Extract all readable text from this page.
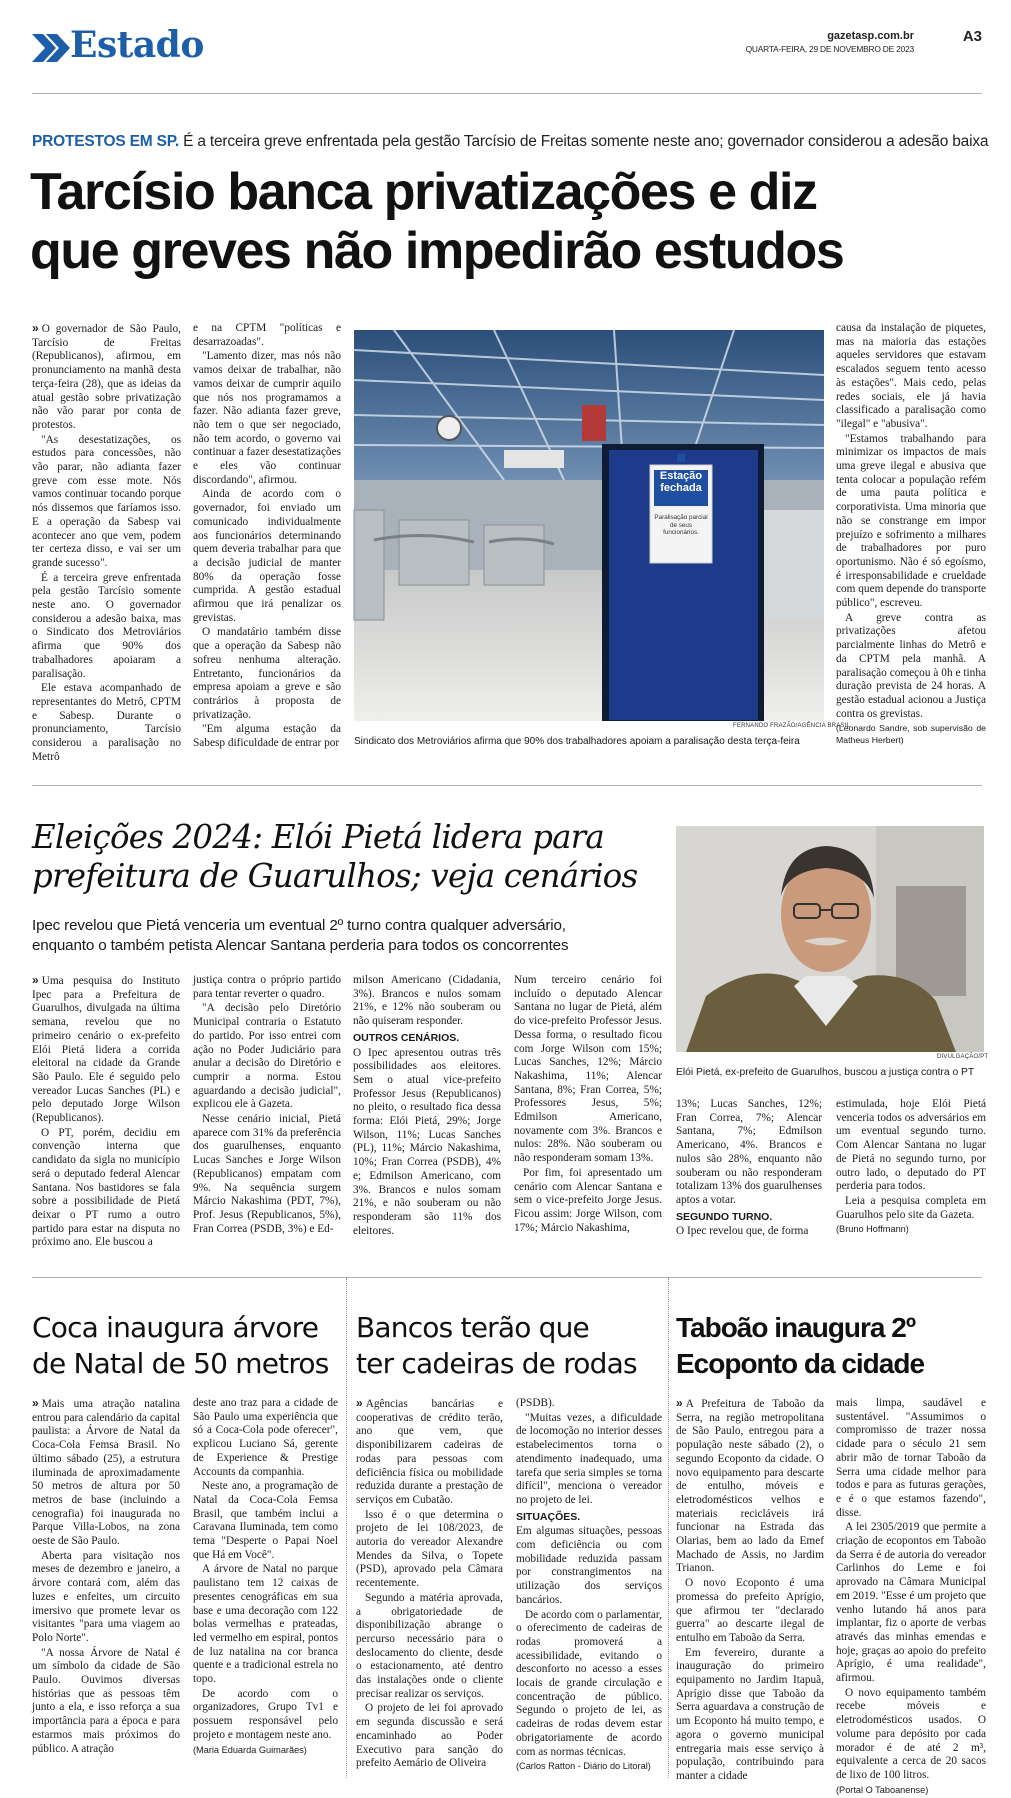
Estado	gazetasp.com.br
QUARTA-FEIRA, 29 DE NOVEMBRO DE 2023
A3
PROTESTOS EM SP. É a terceira greve enfrentada pela gestão Tarcísio de Freitas somente neste ano; governador considerou a adesão baixa
Tarcísio banca privatizações e diz
que greves não impedirão estudos

» O governador de São Paulo, Tarcísio de Freitas (Republicanos), afirmou, em pronunciamento na manhã desta terça-feira (28), que as ideias da atual gestão sobre privatização não vão parar por conta de protestos.

"As desestatizações, os estudos para concessões, não vão parar, não adianta fazer greve com esse mote. Nós vamos continuar tocando porque nós dissemos que faríamos isso. E a operação da Sabesp vai acontecer ano que vem, podem ter certeza disso, e vai ser um grande sucesso".

É a terceira greve enfrentada pela gestão Tarcísio somente neste ano. O governador considerou a adesão baixa, mas o Sindicato dos Metroviários afirma que 90% dos trabalhadores apoiaram a paralisação.

Ele estava acompanhado de representantes do Metrô, CPTM e Sabesp. Durante o pronunciamento, Tarcísio considerou a paralisação no Metrô

e na CPTM "políticas e desarrazoadas".

"Lamento dizer, mas nós não vamos deixar de trabalhar, não vamos deixar de cumprir aquilo que nós nos programamos a fazer. Não adianta fazer greve, não tem o que ser negociado, não tem acordo, o governo vai continuar a fazer desestatizações e eles vão continuar discordando", afirmou.

Ainda de acordo com o governador, foi enviado um comunicado individualmente aos funcionários determinando quem deveria trabalhar para que a decisão judicial de manter 80% da operação fosse cumprida. A gestão estadual afirmou que irá penalizar os grevistas.

O mandatário também disse que a operação da Sabesp não sofreu nenhuma alteração. Entretanto, funcionários da empresa apoiam a greve e são contrários à proposta de privatização.

"Em alguma estação da Sabesp dificuldade de entrar por

Estação fechada
Paralisação parcial de seus funcionários.
FERNANDO FRAZÃO/AGÊNCIA BRASIL
Sindicato dos Metroviários afirma que 90% dos trabalhadores apoiam a paralisação desta terça-feira

causa da instalação de piquetes, mas na maioria das estações aqueles servidores que estavam escalados seguem tento acesso às estações". Mais cedo, pelas redes sociais, ele já havia classificado a paralisação como "ilegal" e "abusiva".

"Estamos trabalhando para minimizar os impactos de mais uma greve ilegal e abusiva que tenta colocar a população refém de uma pauta política e corporativista. Uma minoria que não se constrange em impor prejuízo e sofrimento a milhares de trabalhadores por puro oportunismo. Não é só egoísmo, é irresponsabilidade e crueldade com quem depende do transporte público", escreveu.

A greve contra as privatizações afetou parcialmente linhas do Metrô e da CPTM pela manhã. A paralisação começou à 0h e tinha duração prevista de 24 horas. A gestão estadual acionou a Justiça contra os grevistas.

(Leonardo Sandre, sob supervisão de Matheus Herbert)

Eleições 2024: Elói Pietá lidera para
prefeitura de Guarulhos; veja cenários
Ipec revelou que Pietá venceria um eventual 2º turno contra qualquer adversário,
enquanto o também petista Alencar Santana perderia para todos os concorrentes
DIVULGAÇÃO/PT
Elói Pietá, ex-prefeito de Guarulhos, buscou a justiça contra o PT

» Uma pesquisa do Instituto Ipec para a Prefeitura de Guarulhos, divulgada na última semana, revelou que no primeiro cenário o ex-prefeito Elói Pietá lidera a corrida eleitoral na cidade da Grande São Paulo. Ele é seguido pelo vereador Lucas Sanches (PL) e pelo deputado Jorge Wilson (Republicanos).

O PT, porém, decidiu em convenção interna que candidato da sigla no município será o deputado federal Alencar Santana. Nos bastidores se fala sobre a possibilidade de Pietá deixar o PT rumo a outro partido para estar na disputa no próximo ano. Ele buscou a

justiça contra o próprio partido para tentar reverter o quadro.

"A decisão pelo Diretório Municipal contraria o Estatuto do partido. Por isso entrei com ação no Poder Judiciário para anular a decisão do Diretório e cumprir a norma. Estou aguardando a decisão judicial", explicou ele à Gazeta.

Nesse cenário inicial, Pietá aparece com 31% da preferência dos guarulhenses, enquanto Lucas Sanches e Jorge Wilson (Republicanos) empatam com 9%. Na sequência surgem Márcio Nakashima (PDT, 7%), Prof. Jesus (Republicanos, 5%), Fran Correa (PSDB, 3%) e Ed-

milson Americano (Cidadania, 3%). Brancos e nulos somam 21%, e 12% não souberam ou não quiseram responder.

OUTROS CENÁRIOS.

O Ipec apresentou outras três possibilidades aos eleitores. Sem o atual vice-prefeito Professor Jesus (Republicanos) no pleito, o resultado fica dessa forma: Elói Pietá, 29%; Jorge Wilson, 11%; Lucas Sanches (PL), 11%; Márcio Nakashima, 10%; Fran Correa (PSDB), 4% e; Edmilson Americano, com 3%. Brancos e nulos somam 21%, e não souberam ou não responderam são 11% dos eleitores.

Num terceiro cenário foi incluído o deputado Alencar Santana no lugar de Pietá, além do vice-prefeito Professor Jesus. Dessa forma, o resultado ficou com Jorge Wilson com 15%; Lucas Sanches, 12%; Márcio Nakashima, 11%; Alencar Santana, 8%; Fran Correa, 5%; Professores Jesus, 5%; Edmilson Americano, novamente com 3%. Brancos e nulos: 28%. Não souberam ou não responderam somam 13%.

Por fim, foi apresentado um cenário com Alencar Santana e sem o vice-prefeito Jorge Jesus. Ficou assim: Jorge Wilson, com 17%; Márcio Nakashima,

13%; Lucas Sanches, 12%; Fran Correa, 7%; Alencar Santana, 7%; Edmilson Americano, 4%. Brancos e nulos são 28%, enquanto não souberam ou não responderam totalizam 13% dos guarulhenses aptos a votar.

SEGUNDO TURNO.

O Ipec revelou que, de forma

estimulada, hoje Elói Pietá venceria todos os adversários em um eventual segundo turno. Com Alencar Santana no lugar de Pietá no segundo turno, por outro lado, o deputado do PT perderia para todos.

Leia a pesquisa completa em Guarulhos pelo site da Gazeta.

(Bruno Hoffmann)

Coca inaugura árvore
de Natal de 50 metros

» Mais uma atração natalina entrou para calendário da capital paulista: a Árvore de Natal da Coca-Cola Femsa Brasil. No último sábado (25), a estrutura iluminada de aproximadamente 50 metros de altura por 50 metros de base (incluindo a cenografia) foi inaugurada no Parque Villa-Lobos, na zona oeste de São Paulo.

Aberta para visitação nos meses de dezembro e janeiro, a árvore contará com, além das luzes e enfeites, um circuito imersivo que promete levar os visitantes "para uma viagem ao Polo Norte".

"A nossa Árvore de Natal é um símbolo da cidade de São Paulo. Ouvimos diversas histórias que as pessoas têm junto a ela, e isso reforça a sua importância para a época e para estarmos mais próximos do público. A atração

deste ano traz para a cidade de São Paulo uma experiência que só a Coca-Cola pode oferecer", explicou Luciano Sá, gerente de Experience & Prestige Accounts da companhia.

Neste ano, a programação de Natal da Coca-Cola Femsa Brasil, que também inclui a Caravana Iluminada, tem como tema "Desperte o Papai Noel que Há em Você".

A árvore de Natal no parque paulistano tem 12 caixas de presentes cenográficas em sua base e uma decoração com 122 bolas vermelhas e prateadas, led vermelho em espiral, pontos de luz natalina na cor branca quente e a tradicional estrela no topo.

De acordo com o organizadores, Grupo Tv1 e possuem responsável pelo projeto e montagem neste ano.

(Maria Eduarda Guimarães)

Bancos terão que
ter cadeiras de rodas

» Agências bancárias e cooperativas de crédito terão, ano que vem, que disponibilizarem cadeiras de rodas para pessoas com deficiência física ou mobilidade reduzida durante a prestação de serviços em Cubatão.

Isso é o que determina o projeto de lei 108/2023, de autoria do vereador Alexandre Mendes da Silva, o Topete (PSD), aprovado pela Câmara recentemente.

Segundo a matéria aprovada, a obrigatoriedade de disponibilização abrange o percurso necessário para o deslocamento do cliente, desde o estacionamento, até dentro das instalações onde o cliente precisar realizar os serviços.

O projeto de lei foi aprovado em segunda discussão e será encaminhado ao Poder Executivo para sanção do prefeito Aemário de Oliveira

(PSDB).

"Muitas vezes, a dificuldade de locomoção no interior desses estabelecimentos torna o atendimento inadequado, uma tarefa que seria simples se torna difícil", menciona o vereador no projeto de lei.

SITUAÇÕES.

Em algumas situações, pessoas com deficiência ou com mobilidade reduzida passam por constrangimentos na utilização dos serviços bancários.

De acordo com o parlamentar, o oferecimento de cadeiras de rodas promoverá a acessibilidade, evitando o desconforto no acesso a esses locais de grande circulação e concentração de público. Segundo o projeto de lei, as cadeiras de rodas devem estar obrigatoriamente de acordo com as normas técnicas.

(Carlos Ratton - Diário do Litoral)

Taboão inaugura 2º
Ecoponto da cidade

» A Prefeitura de Taboão da Serra, na região metropolitana de São Paulo, entregou para a população neste sábado (2), o segundo Ecoponto da cidade. O novo equipamento para descarte de entulho, móveis e eletrodomésticos velhos e materiais recicláveis irá funcionar na Estrada das Olarias, bem ao lado da Emef Machado de Assis, no Jardim Trianon.

O novo Ecoponto é uma promessa do prefeito Aprígio, que afirmou ter "declarado guerra" ao descarte ilegal de entulho em Taboão da Serra.

Em fevereiro, durante a inauguração do primeiro equipamento no Jardim Itapuã, Aprígio disse que Taboão da Serra aguardava a construção de um Ecoponto há muito tempo, e agora o governo municipal entregaria mais esse serviço à população, contribuindo para manter a cidade

mais limpa, saudável e sustentável. "Assumimos o compromisso de trazer nossa cidade para o século 21 sem abrir mão de tornar Taboão da Serra uma cidade melhor para todos e para as futuras gerações, e é o que estamos fazendo", disse.

A lei 2305/2019 que permite a criação de ecopontos em Taboão da Serra é de autoria do vereador Carlinhos do Leme e foi aprovado na Câmara Municipal em 2019. "Esse é um projeto que venho lutando há anos para implantar, fiz o aporte de verbas através das minhas emendas e hoje, graças ao apoio do prefeito Aprígio, é uma realidade", afirmou.

O novo equipamento também recebe móveis e eletrodomésticos usados. O volume para depósito por cada morador é de até 2 m³, equivalente a cerca de 20 sacos de lixo de 100 litros.

(Portal O Taboanense)
